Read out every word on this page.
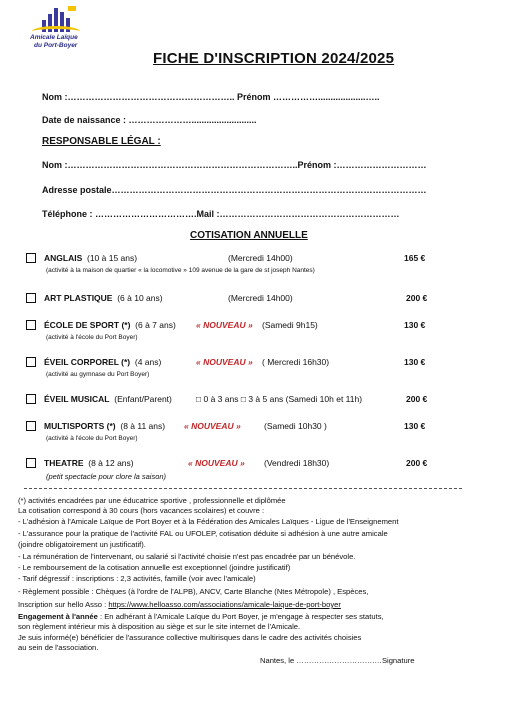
Amicale Laïque
du Port-Boyer
FICHE D'INSCRIPTION 2024/2025
Nom :……………………………………………….. Prénom ……………...................…..
Date de naissance : …………………..........................
RESPONSABLE LÉGAL :
Nom :…………………………………………………………………..Prénom :…………………………
Adresse postale……………………………………………………………………………………………
Téléphone : …………………………….Mail :……………………………………………………
COTISATION ANNUELLE
ANGLAIS (10 à 15 ans)	(Mercredi 14h00)	165 €
(activité à la maison de quartier « la locomotive » 109 avenue de la gare de st joseph Nantes)
ART PLASTIQUE (6 à 10 ans)	(Mercredi 14h00)	200 €
ÉCOLE DE SPORT (*) (6 à 7 ans) « NOUVEAU » (Samedi 9h15)	130 €
(activité à l'école du Port Boyer)
ÉVEIL CORPOREL (*) (4 ans)	« NOUVEAU » ( Mercredi 16h30)	130 €
(activité au gymnase du Port Boyer)
ÉVEIL MUSICAL (Enfant/Parent)	□ 0 à 3 ans □ 3 à 5 ans (Samedi 10h et 11h)	200 €
MULTISPORTS (*) (8 à 11 ans) « NOUVEAU »	(Samedi 10h30 )	130 €
(activité à l'école du Port Boyer)
THEATRE (8 à 12 ans)	« NOUVEAU » (Vendredi 18h30)	200 €
(petit spectacle pour clore la saison)
(*) activités encadrées par une éducatrice sportive , professionnelle et diplômée
La cotisation correspond à 30 cours (hors vacances scolaires) et couvre :
- L'adhésion à l'Amicale Laïque de Port Boyer et à la Fédération des Amicales Laïques - Ligue de l'Enseignement
- L'assurance pour la pratique de l'activité FAL ou UFOLEP, cotisation déduite si adhésion à une autre amicale
(joindre obligatoirement un justificatif).
- La rémunération de l'intervenant, ou salarié si l'activité choisie n'est pas encadrée par un bénévole.
- Le remboursement de la cotisation annuelle est exceptionnel (joindre justificatif)
- Tarif dégressif : inscriptions : 2,3 activités, famille (voir avec l'amicale)
- Règlement possible : Chèques (à l'ordre de l'ALPB), ANCV, Carte Blanche (Ntes Métropole) , Espèces,
Inscription sur hello Asso : https://www.helloasso.com/associations/amicale-laique-de-port-boyer
Engagement à l'année : En adhérant à l'Amicale Laïque du Port Boyer, je m'engage à respecter ses statuts,
son règlement intérieur mis à disposition au siège et sur le site internet de l'Amicale.
Je suis informé(e) bénéficier de l'assurance collective multirisques dans le cadre des activités choisies
au sein de l'association.
Nantes, le ………………………….…Signature
